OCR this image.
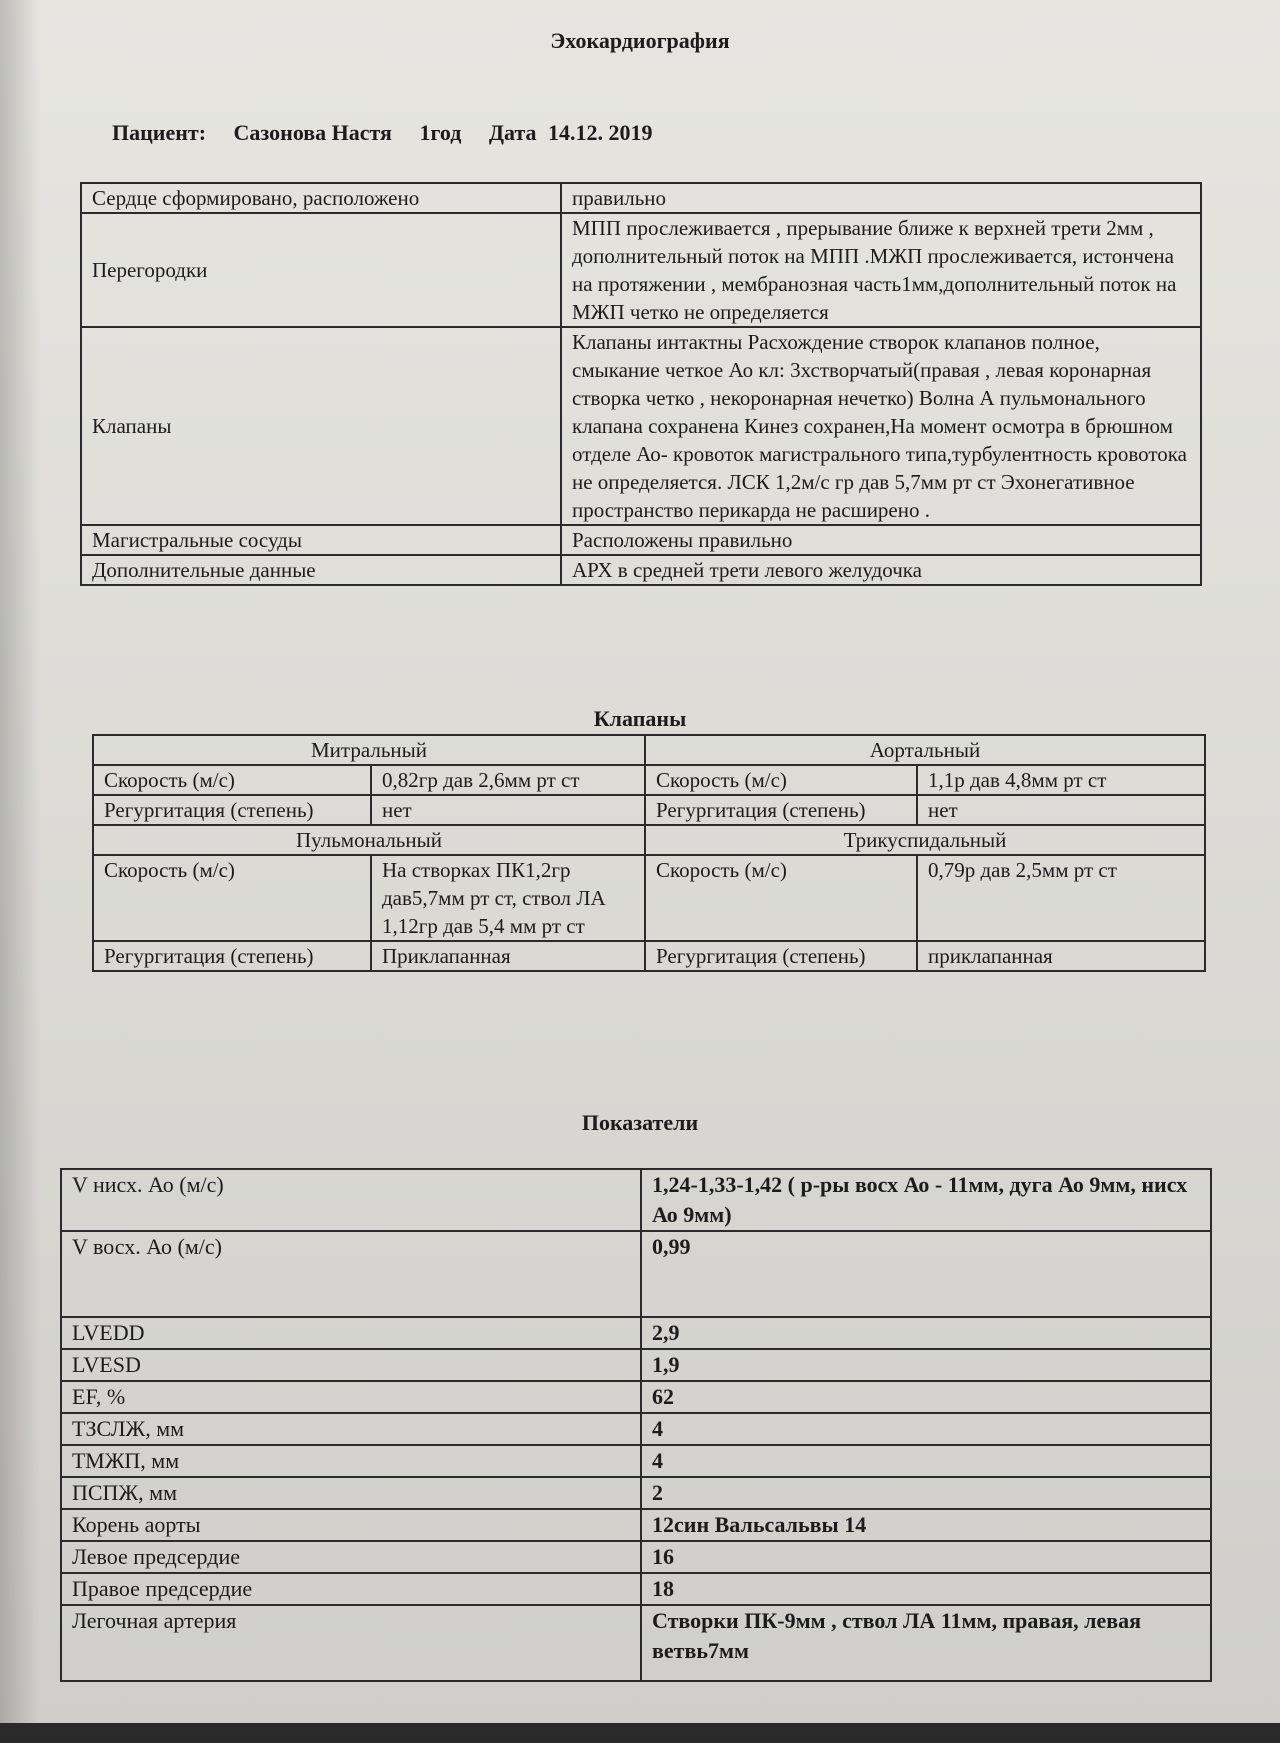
Эхокардиография
Пациент: Сазонова Настя 1год Дата 14.12. 2019
Сердце сформировано, расположено	правильно
Перегородки	МПП прослеживается , прерывание ближе к верхней трети 2мм , дополнительный поток на МПП .МЖП прослеживается, истончена на протяжении , мембранозная часть1мм,дополнительный поток на МЖП четко не определяется
Клапаны	Клапаны интактны Расхождение створок клапанов полное, смыкание четкое Ао кл: 3хстворчатый(правая , левая коронарная створка четко , некоронарная нечетко) Волна А пульмонального клапана сохранена Кинез сохранен,На момент осмотра в брюшном отделе Ао- кровоток магистрального типа,турбулентность кровотока не определяется. ЛСК 1,2м/с гр дав 5,7мм рт ст Эхонегативное пространство перикарда не расширено .
Магистральные сосуды	Расположены правильно
Дополнительные данные	АРХ в средней трети левого желудочка
Клапаны
Митральный		Аортальный	
Скорость (м/с)	0,82гр дав 2,6мм рт ст	Скорость (м/с)	1,1р дав 4,8мм рт ст
Регургитация (степень)	нет	Регургитация (степень)	нет
Пульмональный		Трикуспидальный	
Скорость (м/с)	На створках ПК1,2гр дав5,7мм рт ст, ствол ЛА 1,12гр дав 5,4 мм рт ст	Скорость (м/с)	0,79р дав 2,5мм рт ст
Регургитация (степень)	Приклапанная	Регургитация (степень)	приклапанная
Показатели
V нисх. Ао (м/с)	1,24-1,33-1,42 ( р-ры восх Ао - 11мм, дуга Ао 9мм, нисх Ао 9мм)
V восх. Ао (м/с)	0,99
LVEDD	2,9
LVESD	1,9
EF, %	62
ТЗСЛЖ, мм	4
ТМЖП, мм	4
ПСПЖ, мм	2
Корень аорты	12син Вальсальвы 14
Левое предсердие	16
Правое предсердие	18
Легочная артерия	Створки ПК-9мм , ствол ЛА 11мм, правая, левая ветвь7мм
